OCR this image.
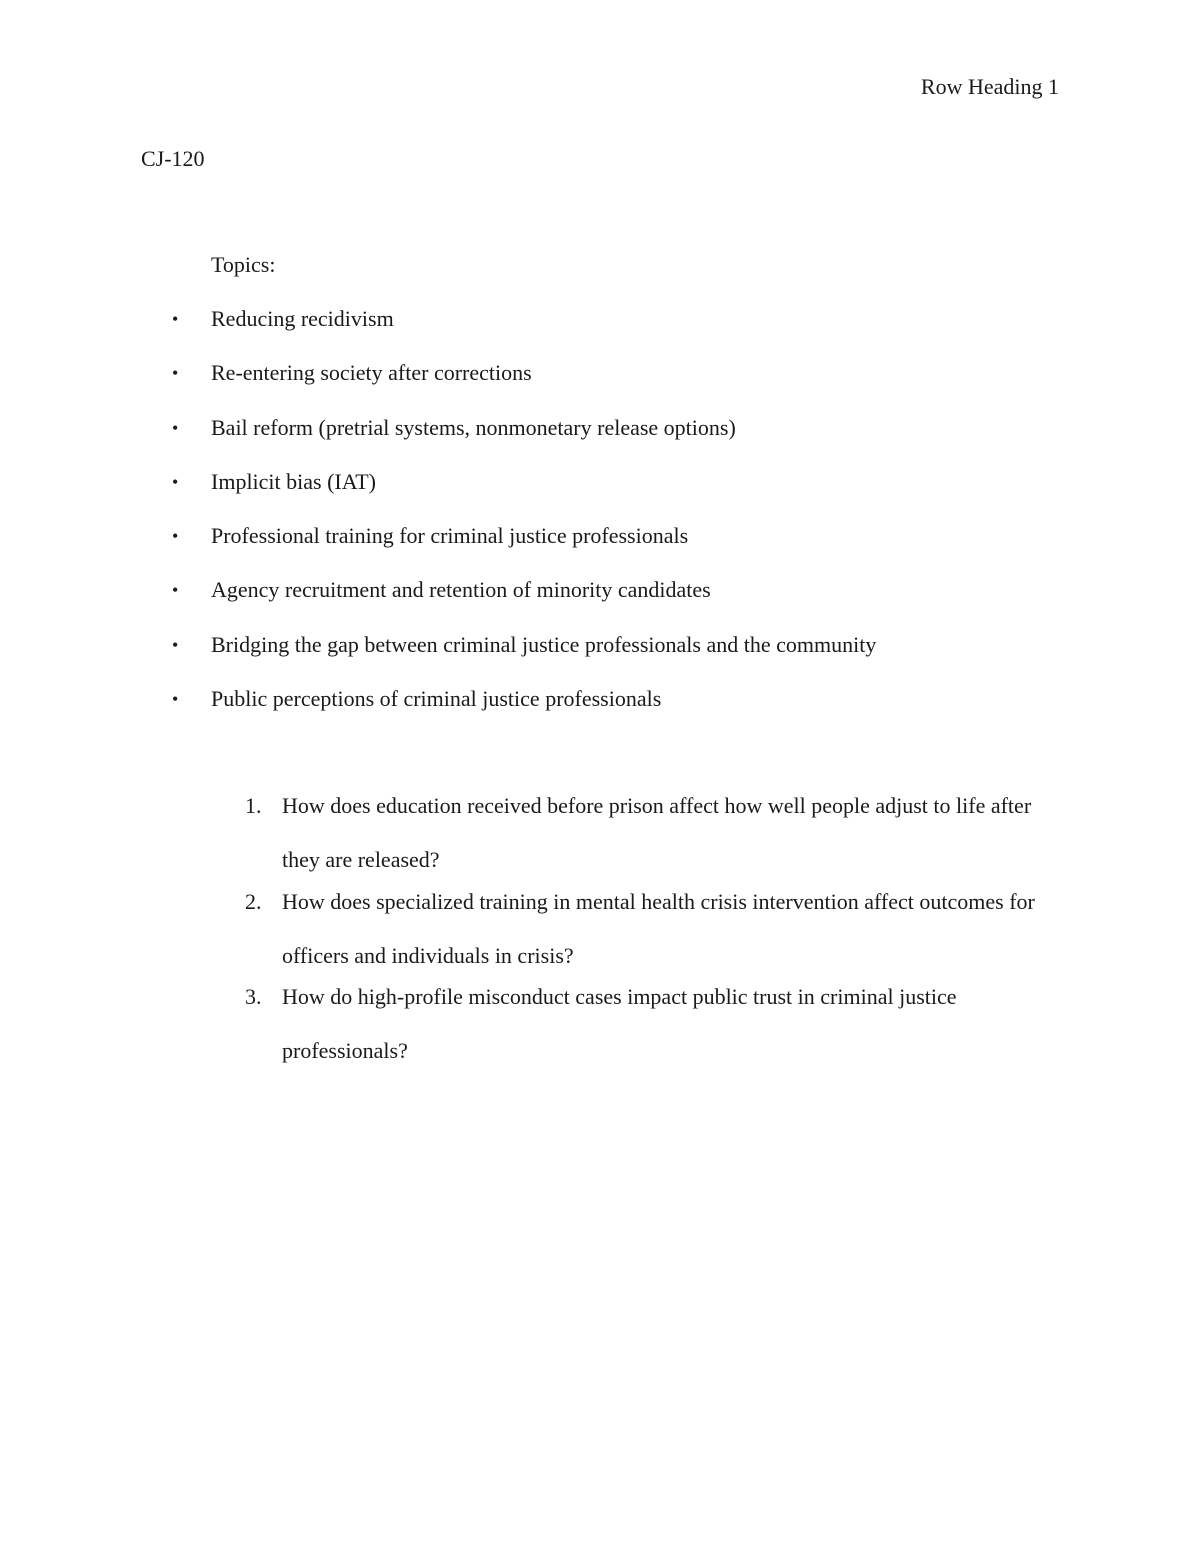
Row Heading 1
CJ-120
Topics:
• Reducing recidivism
• Re-entering society after corrections
• Bail reform (pretrial systems, nonmonetary release options)
• Implicit bias (IAT)
• Professional training for criminal justice professionals
• Agency recruitment and retention of minority candidates
• Bridging the gap between criminal justice professionals and the community
• Public perceptions of criminal justice professionals
1. How does education received before prison affect how well people adjust to life after they are released?
2. How does specialized training in mental health crisis intervention affect outcomes for officers and individuals in crisis?
3. How do high-profile misconduct cases impact public trust in criminal justice professionals?
